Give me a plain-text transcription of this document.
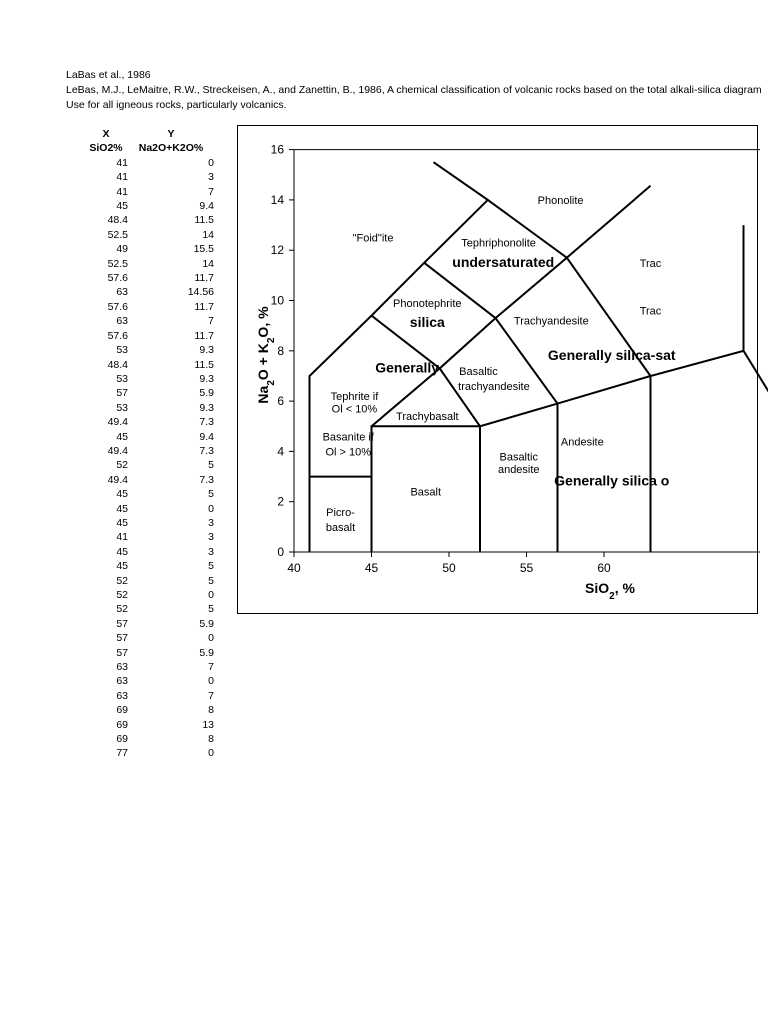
LaBas et al., 1986
LeBas, M.J., LeMaitre, R.W., Streckeisen, A., and Zanettin, B., 1986, A chemical classification of volcanic rocks based on the total alkali-silica diagram
Use for all igneous rocks, particularly volcanics.
X	Y
SiO2%	Na2O+K2O%
41	0
41	3
41	7
45	9.4
48.4	11.5
52.5	14
49	15.5
52.5	14
57.6	11.7
63	14.56
57.6	11.7
63	7
57.6	11.7
53	9.3
48.4	11.5
53	9.3
57	5.9
53	9.3
49.4	7.3
45	9.4
49.4	7.3
52	5
49.4	7.3
45	5
45	0
45	3
41	3
45	3
45	5
52	5
52	0
52	5
57	5.9
57	0
57	5.9
63	7
63	0
63	7
69	8
69	13
69	8
77	0
0
2
4
6
8
10
12
14
16
40	45	50	55	60
SiO$_2$, %
$Na_2O + K_2O$, %
Phonolite
"Foid"ite	Tephriphonolite
undersaturated	Trac
Trac
Phonotephrite
silica	Trachyandesite
Generally silica-sat
Generally Basaltic
trachyandesite
Tephrite if
Ol < 10%
Trachybasalt
Basanite if
Ol > 10%
Andesite
Basaltic
andesite
Generally silica o
Basalt
Picro-
basalt
